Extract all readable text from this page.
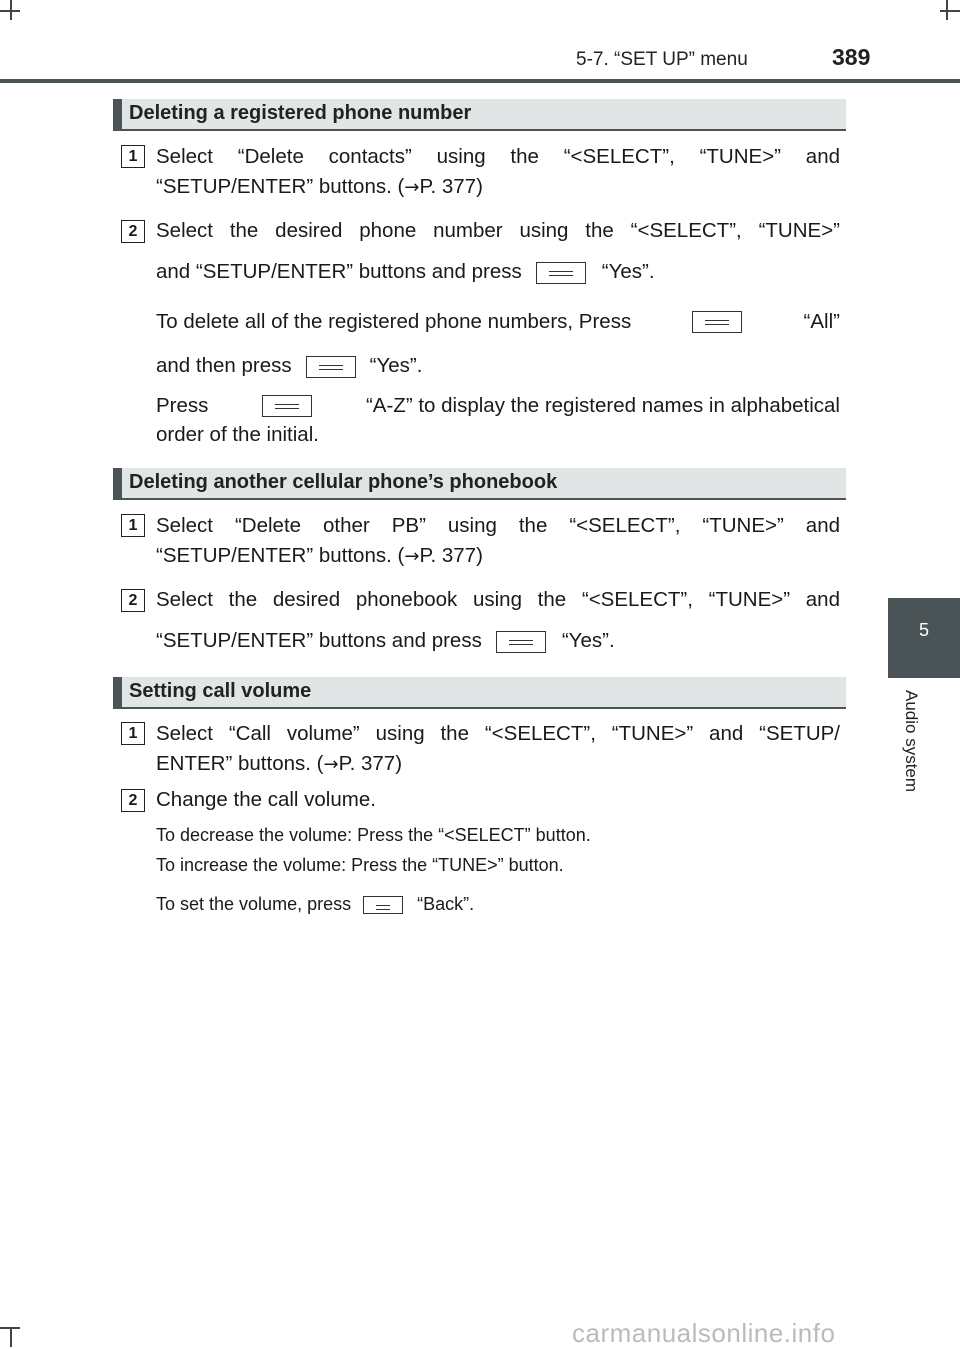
5-7. “SET UP” menu	389
5
Audio system
Deleting a registered phone number
1 Select “Delete contacts” using the “<SELECT”, “TUNE>” and
“SETUP/ENTER” buttons. (→P. 377)
2 Select the desired phone number using the “<SELECT”, “TUNE>”
and “SETUP/ENTER” buttons and press	“Yes”.
To delete all of the registered phone numbers, Press	“All”
and then press	“Yes”.
Press	“A-Z” to display the registered names in alphabetical
order of the initial.
Deleting another cellular phone’s phonebook
1 Select “Delete other PB” using the “<SELECT”, “TUNE>” and
“SETUP/ENTER” buttons. (→P. 377)
2 Select the desired phonebook using the “<SELECT”, “TUNE>” and
“SETUP/ENTER” buttons and press	“Yes”.
Setting call volume
1 Select “Call volume” using the “<SELECT”, “TUNE>” and “SETUP/
ENTER” buttons. (→P. 377)
2 Change the call volume.
To decrease the volume: Press the “<SELECT” button.
To increase the volume: Press the “TUNE>” button.
To set the volume, press	“Back”.
carmanualsonline.info
